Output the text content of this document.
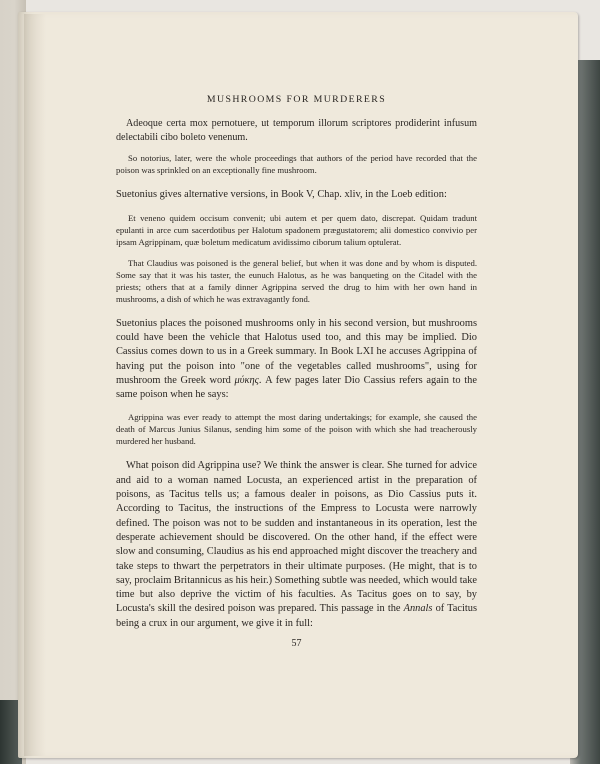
MUSHROOMS FOR MURDERERS

Adeoque certa mox pernotuere, ut temporum illorum scriptores prodiderint infusum delectabili cibo boleto venenum.

So notorius, later, were the whole proceedings that authors of the period have recorded that the poison was sprinkled on an exceptionally fine mushroom.

Suetonius gives alternative versions, in Book V, Chap. xliv, in the Loeb edition:

Et veneno quidem occisum convenit; ubi autem et per quem dato, discrepat. Quidam tradunt epulanti in arce cum sacerdotibus per Halotum spadonem prægustatorem; alii domestico convivio per ipsam Agrippinam, quæ boletum medicatum avidissimo ciborum talium optulerat.

That Claudius was poisoned is the general belief, but when it was done and by whom is disputed. Some say that it was his taster, the eunuch Halotus, as he was banqueting on the Citadel with the priests; others that at a family dinner Agrippina served the drug to him with her own hand in mushrooms, a dish of which he was extravagantly fond.

Suetonius places the poisoned mushrooms only in his second version, but mushrooms could have been the vehicle that Halotus used too, and this may be implied. Dio Cassius comes down to us in a Greek summary. In Book LXI he accuses Agrippina of having put the poison into "one of the vegetables called mushrooms", using for mushroom the Greek word μύκης. A few pages later Dio Cassius refers again to the same poison when he says:

Agrippina was ever ready to attempt the most daring undertakings; for example, she caused the death of Marcus Junius Silanus, sending him some of the poison with which she had treacherously murdered her husband.

What poison did Agrippina use? We think the answer is clear. She turned for advice and aid to a woman named Locusta, an experienced artist in the preparation of poisons, as Tacitus tells us; a famous dealer in poisons, as Dio Cassius puts it. According to Tacitus, the instructions of the Empress to Locusta were narrowly defined. The poison was not to be sudden and instantaneous in its operation, lest the desperate achievement should be discovered. On the other hand, if the effect were slow and consuming, Claudius as his end approached might discover the treachery and take steps to thwart the perpetrators in their ultimate purposes. (He might, that is to say, proclaim Britannicus as his heir.) Something subtle was needed, which would take time but also deprive the victim of his faculties. As Tacitus goes on to say, by Locusta's skill the desired poison was prepared. This passage in the Annals of Tacitus being a crux in our argument, we give it in full:

57
